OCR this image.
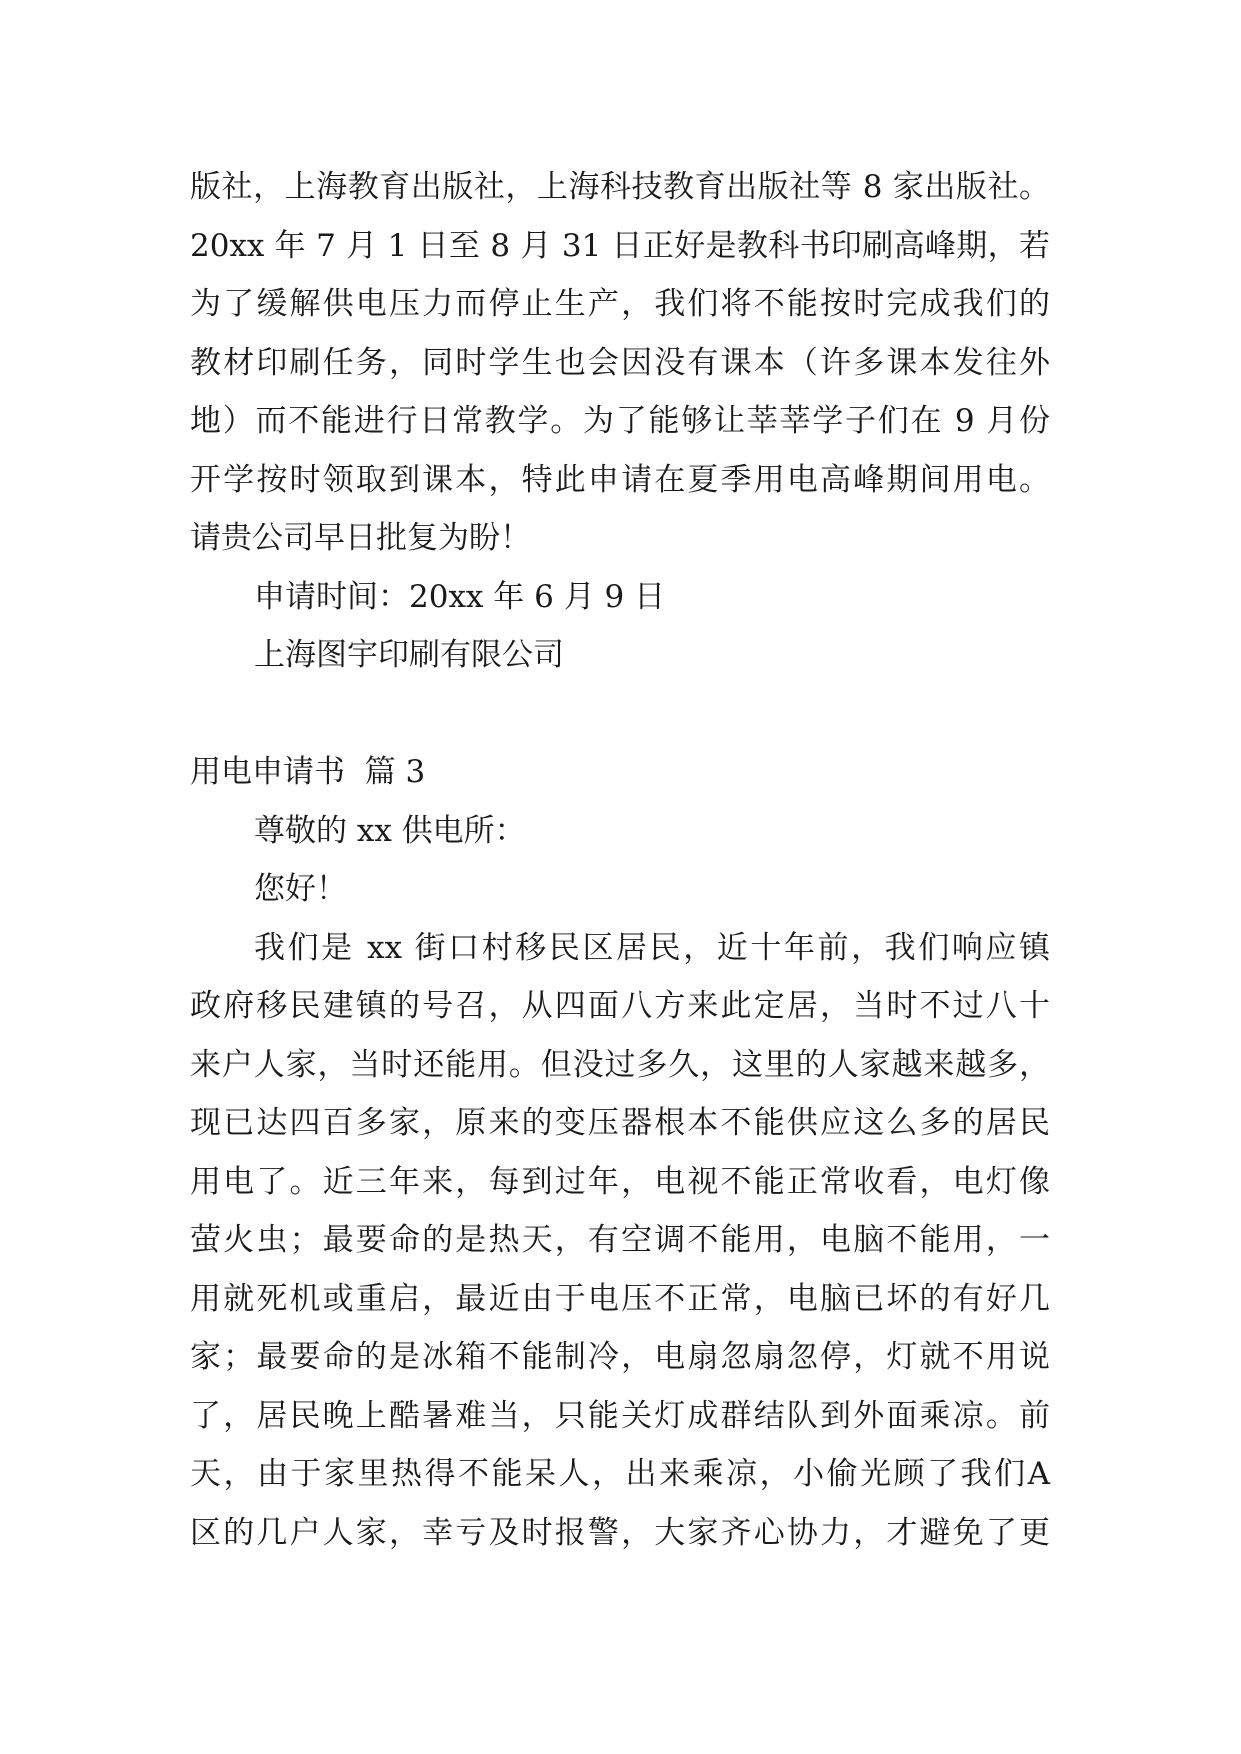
版社，上海教育出版社，上海科技教育出版社等 8 家出版社。
20xx 年 7 月 1 日至 8 月 31 日正好是教科书印刷高峰期，若
为了缓解供电压力而停止生产，我们将不能按时完成我们的
教材印刷任务，同时学生也会因没有课本（许多课本发往外
地）而不能进行日常教学。为了能够让莘莘学子们在 9 月份
开学按时领取到课本，特此申请在夏季用电高峰期间用电。
请贵公司早日批复为盼！
申请时间：20xx 年 6 月 9 日
上海图宇印刷有限公司
用电申请书  篇 3
尊敬的 xx 供电所：
您好！
我们是 xx 街口村移民区居民，近十年前，我们响应镇
政府移民建镇的号召，从四面八方来此定居，当时不过八十
来户人家，当时还能用。但没过多久，这里的人家越来越多，
现已达四百多家，原来的变压器根本不能供应这么多的居民
用电了。近三年来，每到过年，电视不能正常收看，电灯像
萤火虫；最要命的是热天，有空调不能用，电脑不能用，一
用就死机或重启，最近由于电压不正常，电脑已坏的有好几
家；最要命的是冰箱不能制冷，电扇忽扇忽停，灯就不用说
了，居民晚上酷暑难当，只能关灯成群结队到外面乘凉。前
天，由于家里热得不能呆人，出来乘凉，小偷光顾了我们A
区的几户人家，幸亏及时报警，大家齐心协力，才避免了更
